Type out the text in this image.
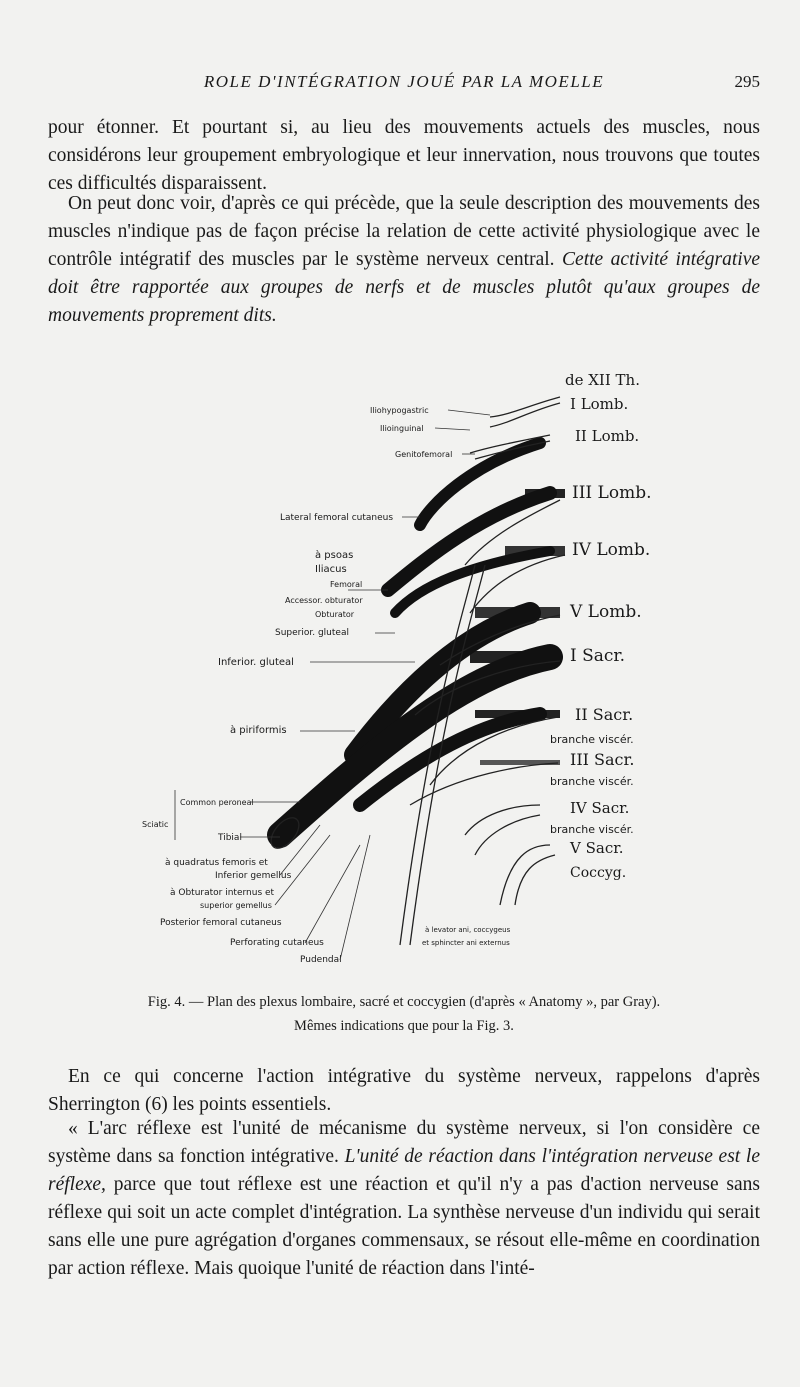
ROLE D'INTÉGRATION JOUÉ PAR LA MOELLE	295

pour étonner. Et pourtant si, au lieu des mouvements actuels des muscles, nous considérons leur groupement embryologique et leur innervation, nous trouvons que toutes ces difficultés disparaissent.

On peut donc voir, d'après ce qui précède, que la seule description des mouvements des muscles n'indique pas de façon précise la relation de cette activité physiologique avec le contrôle intégratif des muscles par le système nerveux central. Cette activité intégrative doit être rapportée aux groupes de nerfs et de muscles plutôt qu'aux groupes de mouvements proprement dits.

de XII Th.
I Lomb.
II Lomb.
III Lomb.
IV Lomb.
V Lomb.
I Sacr.
II Sacr.
branche viscér.
III Sacr.
branche viscér.
IV Sacr.
branche viscér.
V Sacr.
Coccyg.
Iliohypogastric
Ilioinguinal
Genitofemoral
Lateral femoral cutaneus
à psoas
Iliacus
Femoral
Accessor. obturator
Obturator
Superior. gluteal
Inferior. gluteal
à piriformis
Common peroneal
Sciatic
Tibial
à quadratus femoris et
Inferior gemellus
à Obturator internus et
superior gemellus
Posterior femoral cutaneus
Perforating cutaneus
Pudendal
à levator ani, coccygeus
et sphincter ani externus
Fig. 4. — Plan des plexus lombaire, sacré et coccygien (d'après « Anatomy », par Gray).
Mêmes indications que pour la Fig. 3.

En ce qui concerne l'action intégrative du système nerveux, rappelons d'après Sherrington (6) les points essentiels.

« L'arc réflexe est l'unité de mécanisme du système nerveux, si l'on considère ce système dans sa fonction intégrative. L'unité de réaction dans l'intégration nerveuse est le réflexe, parce que tout réflexe est une réaction et qu'il n'y a pas d'action nerveuse sans réflexe qui soit un acte complet d'intégration. La synthèse nerveuse d'un individu qui serait sans elle une pure agrégation d'organes commensaux, se résout elle-même en coordination par action réflexe. Mais quoique l'unité de réaction dans l'inté-
